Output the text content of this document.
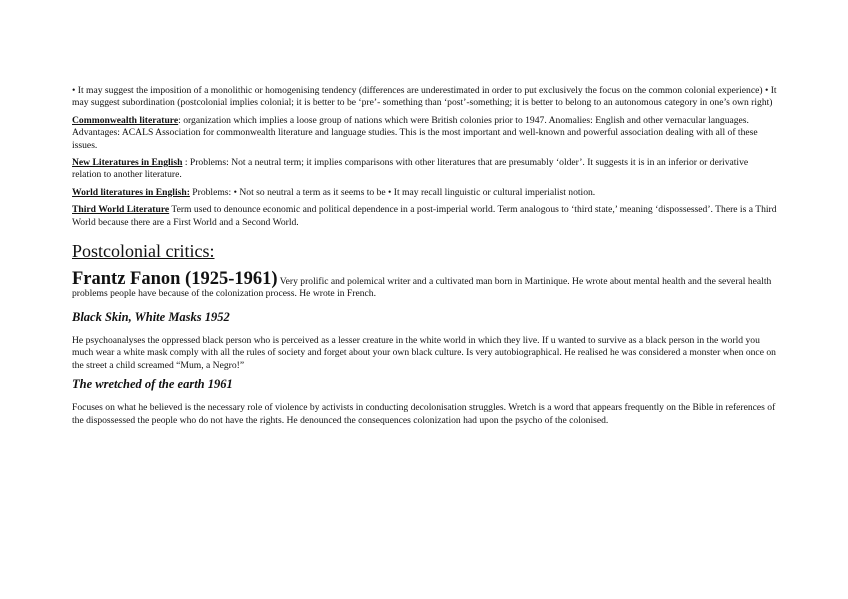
• It may suggest the imposition of a monolithic or homogenising tendency (differences are underestimated in order to put exclusively the focus on the common colonial experience) • It may suggest subordination (postcolonial implies colonial; it is better to be ‘pre’- something than ‘post’-something; it is better to belong to an autonomous category in one’s own right)

Commonwealth literature: organization which implies a loose group of nations which were British colonies prior to 1947. Anomalies: English and other vernacular languages. Advantages: ACALS Association for commonwealth literature and language studies. This is the most important and well-known and powerful association dealing with all of these issues.

New Literatures in English : Problems: Not a neutral term; it implies comparisons with other literatures that are presumably ‘older’. It suggests it is in an inferior or derivative relation to another literature.

World literatures in English: Problems: • Not so neutral a term as it seems to be • It may recall linguistic or cultural imperialist notion.

Third World Literature Term used to denounce economic and political dependence in a post-imperial world. Term analogous to ‘third state,’ meaning ‘dispossessed’. There is a Third World because there are a First World and a Second World.

Postcolonial critics:

Frantz Fanon (1925-1961) Very prolific and polemical writer and a cultivated man born in Martinique. He wrote about mental health and the several health problems people have because of the colonization process. He wrote in French.

Black Skin, White Masks 1952

He psychoanalyses the oppressed black person who is perceived as a lesser creature in the white world in which they live. If u wanted to survive as a black person in the world you much wear a white mask comply with all the rules of society and forget about your own black culture. Is very autobiographical. He realised he was considered a monster when once on the street a child screamed “Mum, a Negro!”

The wretched of the earth 1961

Focuses on what he believed is the necessary role of violence by activists in conducting decolonisation struggles. Wretch is a word that appears frequently on the Bible in references of the dispossessed the people who do not have the rights. He denounced the consequences colonization had upon the psycho of the colonised.
